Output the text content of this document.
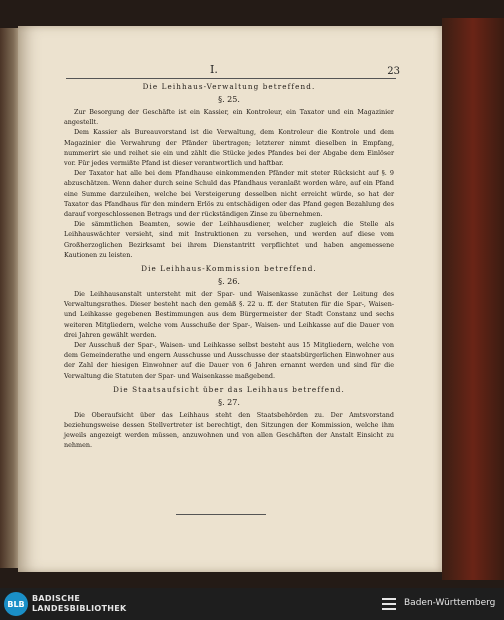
I.	23
Die Leihhaus-Verwaltung betreffend.
§. 25.

Zur Besorgung der Geschäfte ist ein Kassier, ein Kontroleur, ein Taxator und ein Magazinier angestellt.

Dem Kassier als Bureauvorstand ist die Verwaltung, dem Kontroleur die Kontrole und dem Magazinier die Verwahrung der Pfänder übertragen; letzterer nimmt dieselben in Empfang, nummerirt sie und reihet sie ein und zählt die Stücke jedes Pfandes bei der Abgabe dem Einlöser vor. Für jedes vermißte Pfand ist dieser verantwortlich und haftbar.

Der Taxator hat alle bei dem Pfandhause einkommenden Pfänder mit steter Rücksicht auf §. 9 abzuschätzen. Wenn daher durch seine Schuld das Pfandhaus veranlaßt worden wäre, auf ein Pfand eine Summe darzuleihen, welche bei Versteigerung desselben nicht erreicht würde, so hat der Taxator das Pfandhaus für den mindern Erlös zu entschädigen oder das Pfand gegen Bezahlung des darauf vorgeschlossenen Betrags und der rückständigen Zinse zu übernehmen.

Die sämmtlichen Beamten, sowie der Leihhausdiener, welcher zugleich die Stelle als Leihhauswächter versieht, sind mit Instruktionen zu versehen, und werden auf diese vom Großherzoglichen Bezirksamt bei ihrem Dienstantritt verpflichtet und haben angemessene Kautionen zu leisten.

Die Leihhaus-Kommission betreffend.
§. 26.

Die Leihhausanstalt untersteht mit der Spar- und Waisenkasse zunächst der Leitung des Verwaltungsrathes. Dieser besteht nach den gemäß §. 22 u. ff. der Statuten für die Spar-, Waisen- und Leihkasse gegebenen Bestimmungen aus dem Bürgermeister der Stadt Constanz und sechs weiteren Mitgliedern, welche vom Ausschuße der Spar-, Waisen- und Leihkasse auf die Dauer von drei Jahren gewählt werden.

Der Ausschuß der Spar-, Waisen- und Leihkasse selbst besteht aus 15 Mitgliedern, welche von dem Gemeinderathe und engern Ausschusse und Ausschusse der staatsbürgerlichen Einwohner aus der Zahl der hiesigen Einwohner auf die Dauer von 6 Jahren ernannt werden und sind für die Verwaltung die Statuten der Spar- und Waisenkasse maßgebend.

Die Staatsaufsicht über das Leihhaus betreffend.
§. 27.

Die Oberaufsicht über das Leihhaus steht den Staatsbehörden zu. Der Amtsvorstand beziehungsweise dessen Stellvertreter ist berechtigt, den Sitzungen der Kommission, welche ihm jeweils angezeigt werden müssen, anzuwohnen und von allen Geschäften der Anstalt Einsicht zu nehmen.

BLB
BADISCHE
LANDESBIBLIOTHEK
Baden-Württemberg
